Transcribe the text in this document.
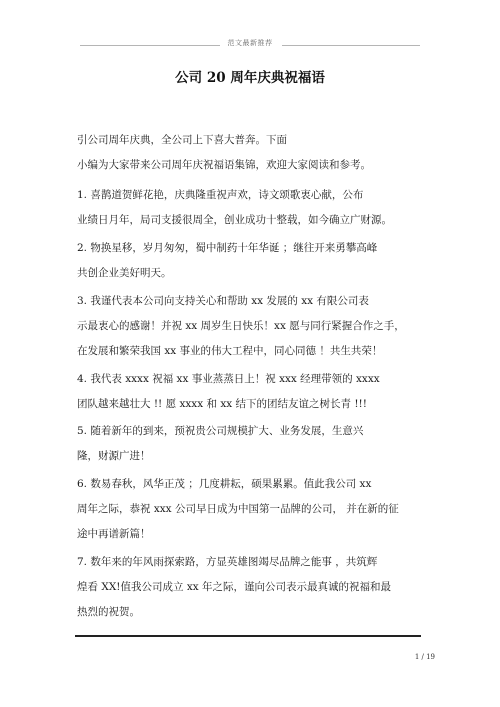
范文最新推荐
公司 20 周年庆典祝福语
引公司周年庆典，全公司上下喜大普奔。下面
小编为大家带来公司周年庆祝福语集锦，欢迎大家阅读和参考。
1. 喜鹊道贺鲜花艳，庆典隆重祝声欢，诗文颂歌衷心献，公布
业绩日月年，局司支援很周全，创业成功十整载，如今确立广财源。
2. 物换星移，岁月匆匆，蜀中制药十年华诞 ；继往开来勇攀高峰
共创企业美好明天。
3. 我谨代表本公司向支持关心和帮助 xx 发展的 xx 有限公司表
示最衷心的感谢！并祝 xx 周岁生日快乐！xx 愿与同行紧握合作之手，
在发展和繁荣我国 xx 事业的伟大工程中，同心同德 ！共生共荣！
4. 我代表 xxxx 祝福 xx 事业蒸蒸日上！祝 xxx 经理带领的 xxxx
团队越来越壮大 !! 愿 xxxx 和 xx 结下的团结友谊之树长青 !!!
5. 随着新年的到来，预祝贵公司规模扩大、业务发展，生意兴
隆，财源广进！
6. 数易春秋，风华正茂 ；几度耕耘，硕果累累。值此我公司 xx
周年之际，恭祝 xxx 公司早日成为中国第一品牌的公司， 并在新的征
途中再谱新篇！
7. 数年来的年风雨探索路，方显英雄图竭尽品牌之能事 ，共筑辉
煌看 XX!值我公司成立 xx 年之际，谨向公司表示最真诚的祝福和最
热烈的祝贺。
1 / 19
